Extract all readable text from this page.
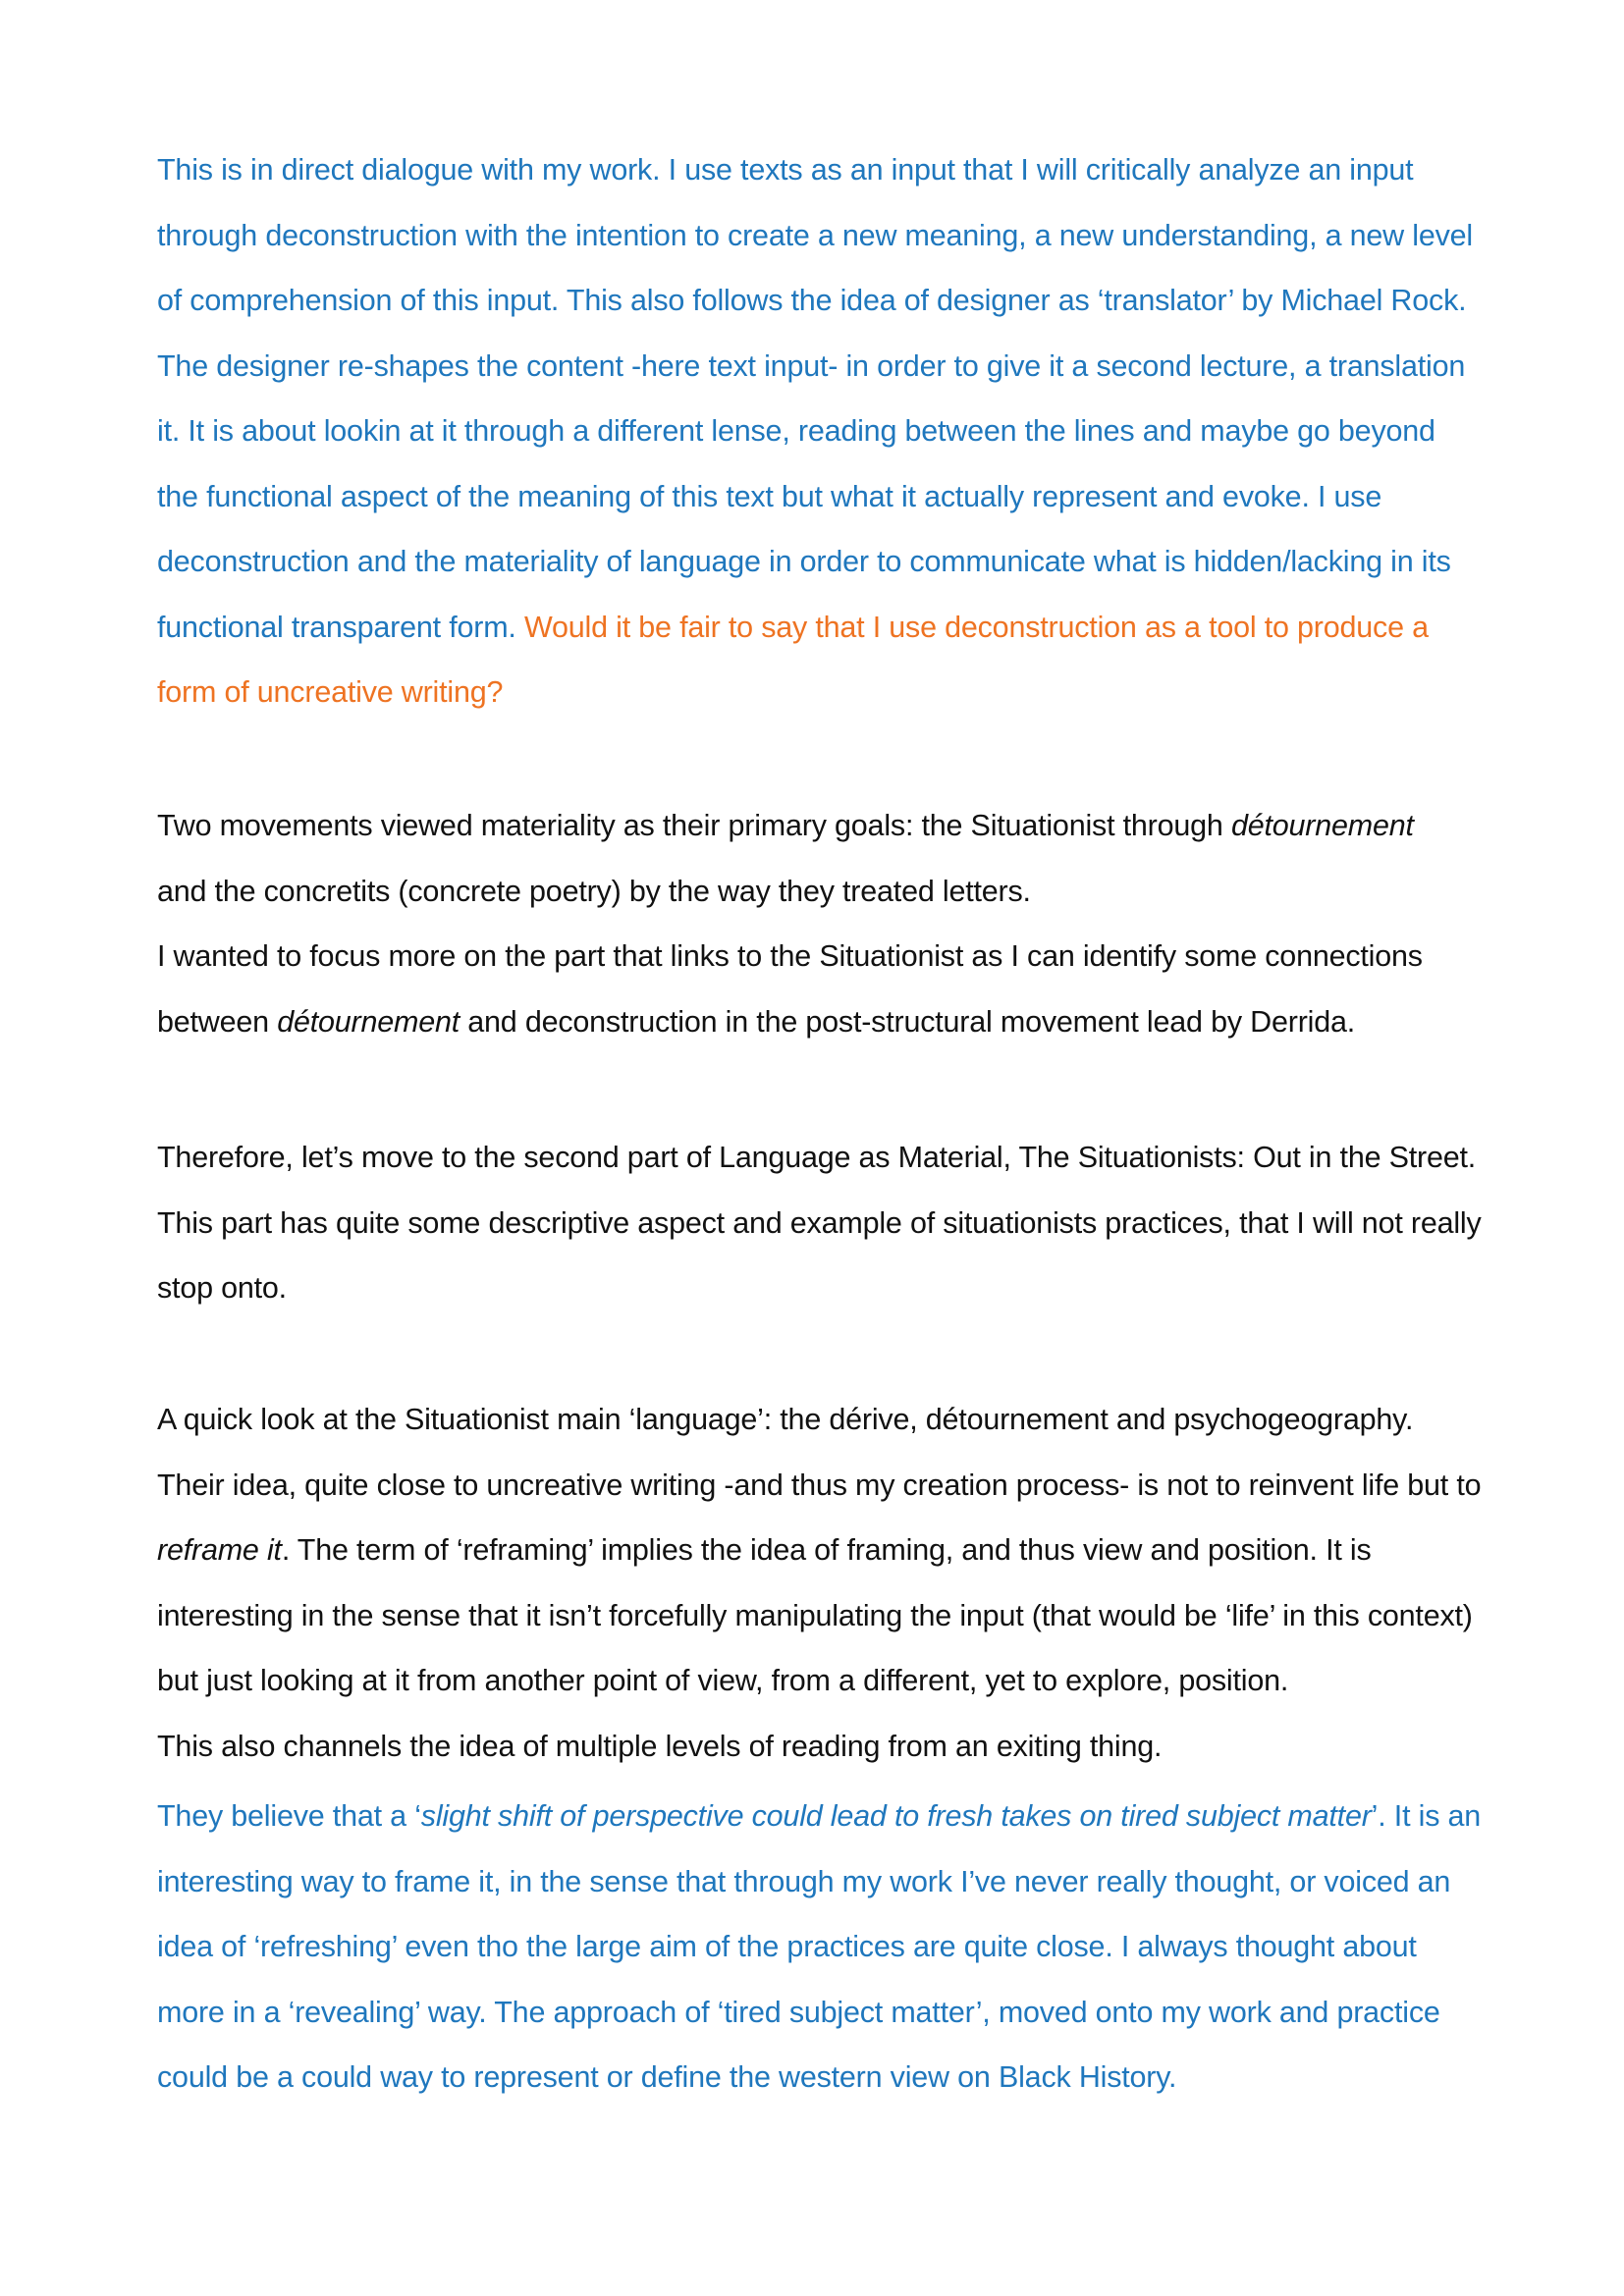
This is in direct dialogue with my work. I use texts as an input that I will critically analyze an input through deconstruction with the intention to create a new meaning, a new understanding, a new level of comprehension of this input. This also follows the idea of designer as ‘translator’ by Michael Rock. The designer re-shapes the content -here text input- in order to give it a second lecture, a translation it. It is about lookin at it through a different lense, reading between the lines and maybe go beyond the functional aspect of the meaning of this text but what it actually represent and evoke. I use deconstruction and the materiality of language in order to communicate what is hidden/lacking in its functional transparent form. Would it be fair to say that I use deconstruction as a tool to produce a form of uncreative writing?

Two movements viewed materiality as their primary goals: the Situationist through détournement
and the concretits (concrete poetry) by the way they treated letters.
I wanted to focus more on the part that links to the Situationist as I can identify some connections between détournement and deconstruction in the post-structural movement lead by Derrida.

Therefore, let’s move to the second part of Language as Material, The Situationists: Out in the Street. This part has quite some descriptive aspect and example of situationists practices, that I will not really stop onto.

A quick look at the Situationist main ‘language’: the dérive, détournement and psychogeography. Their idea, quite close to uncreative writing -and thus my creation process- is not to reinvent life but to reframe it. The term of ‘reframing’ implies the idea of framing, and thus view and position. It is interesting in the sense that it isn’t forcefully manipulating the input (that would be ‘life’ in this context) but just looking at it from another point of view, from a different, yet to explore, position.
This also channels the idea of multiple levels of reading from an exiting thing.

They believe that a ‘slight shift of perspective could lead to fresh takes on tired subject matter’. It is an interesting way to frame it, in the sense that through my work I’ve never really thought, or voiced an idea of ‘refreshing’ even tho the large aim of the practices are quite close. I always thought about more in a ‘revealing’ way. The approach of ‘tired subject matter’, moved onto my work and practice could be a could way to represent or define the western view on Black History.
